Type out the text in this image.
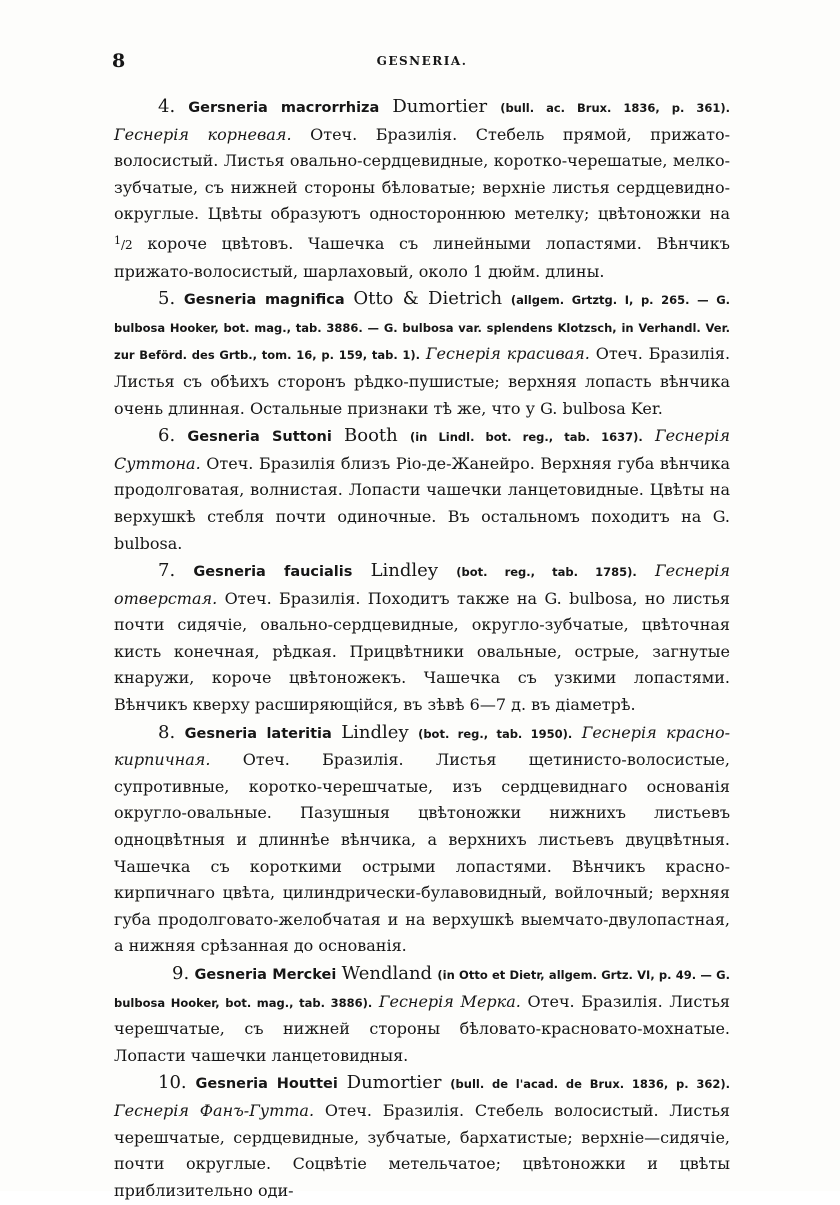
8	GESNERIA.

4. Gersneria macrorrhiza Dumortier (bull. ac. Brux. 1836, p. 361). Геснерія корневая. Отеч. Бразилія. Стебель прямой, прижато-волосистый. Листья овально-сердцевидные, коротко-черешатые, мелко-зубчатые, съ нижней стороны бѣловатые; верхніе листья сердцевидно-округлые. Цвѣты образуютъ одностороннюю метелку; цвѣтоножки на $^1$/2 короче цвѣтовъ. Чашечка съ линейными лопастями. Вѣнчикъ прижато-волосистый, шарлаховый, около 1 дюйм. длины.

5. Gesneria magnifica Otto & Dietrich (allgem. Grtztg. I, p. 265. — G. bulbosa Hooker, bot. mag., tab. 3886. — G. bulbosa var. splendens Klotzsch, in Verhandl. Ver. zur Beförd. des Grtb., tom. 16, p. 159, tab. 1). Геснерія красивая. Отеч. Бразилія. Листья съ обѣихъ сторонъ рѣдко-пушистые; верхняя лопасть вѣнчика очень длинная. Остальные признаки тѣ же, что у G. bulbosa Ker.

6. Gesneria Suttoni Booth (in Lindl. bot. reg., tab. 1637). Геснерія Суттона. Отеч. Бразилія близъ Ріо-де-Жанейро. Верхняя губа вѣнчика продолговатая, волнистая. Лопасти чашечки ланцетовидные. Цвѣты на верхушкѣ стебля почти одиночные. Въ остальномъ походитъ на G. bulbosa.

7. Gesneria faucialis Lindley (bot. reg., tab. 1785). Геснерія отверстая. Отеч. Бразилія. Походитъ также на G. bulbosa, но листья почти сидячіе, овально-сердцевидные, округло-зубчатые, цвѣточная кисть конечная, рѣдкая. Прицвѣтники овальные, острые, загнутые кнаружи, короче цвѣтоножекъ. Чашечка съ узкими лопастями. Вѣнчикъ кверху расширяющійся, въ зѣвѣ 6—7 д. въ діаметрѣ.

8. Gesneria lateritia Lindley (bot. reg., tab. 1950). Геснерія красно-кирпичная. Отеч. Бразилія. Листья щетинисто-волосистые, супротивные, коротко-черешчатые, изъ сердцевиднаго основанія округло-овальные. Пазушныя цвѣтоножки нижнихъ листьевъ одноцвѣтныя и длиннѣе вѣнчика, а верхнихъ листьевъ двуцвѣтныя. Чашечка съ короткими острыми лопастями. Вѣнчикъ красно-кирпичнаго цвѣта, цилиндрически-булавовидный, войлочный; верхняя губа продолговато-желобчатая и на верхушкѣ выемчато-двулопастная, а нижняя срѣзанная до основанія.

9. Gesneria Merckei Wendland (in Otto et Dietr, allgem. Grtz. VI, p. 49. — G. bulbosa Hooker, bot. mag., tab. 3886). Геснерія Мерка. Отеч. Бразилія. Листья черешчатые, съ нижней стороны бѣловато-красновато-мохнатые. Лопасти чашечки ланцетовидныя.

10. Gesneria Houttei Dumortier (bull. de l'acad. de Brux. 1836, p. 362). Геснерія Фанъ-Гутта. Отеч. Бразилія. Стебель волосистый. Листья черешчатые, сердцевидные, зубчатые, бархатистые; верхніе—сидячіе, почти округлые. Соцвѣтіе метельчатое; цвѣтоножки и цвѣты приблизительно оди-
